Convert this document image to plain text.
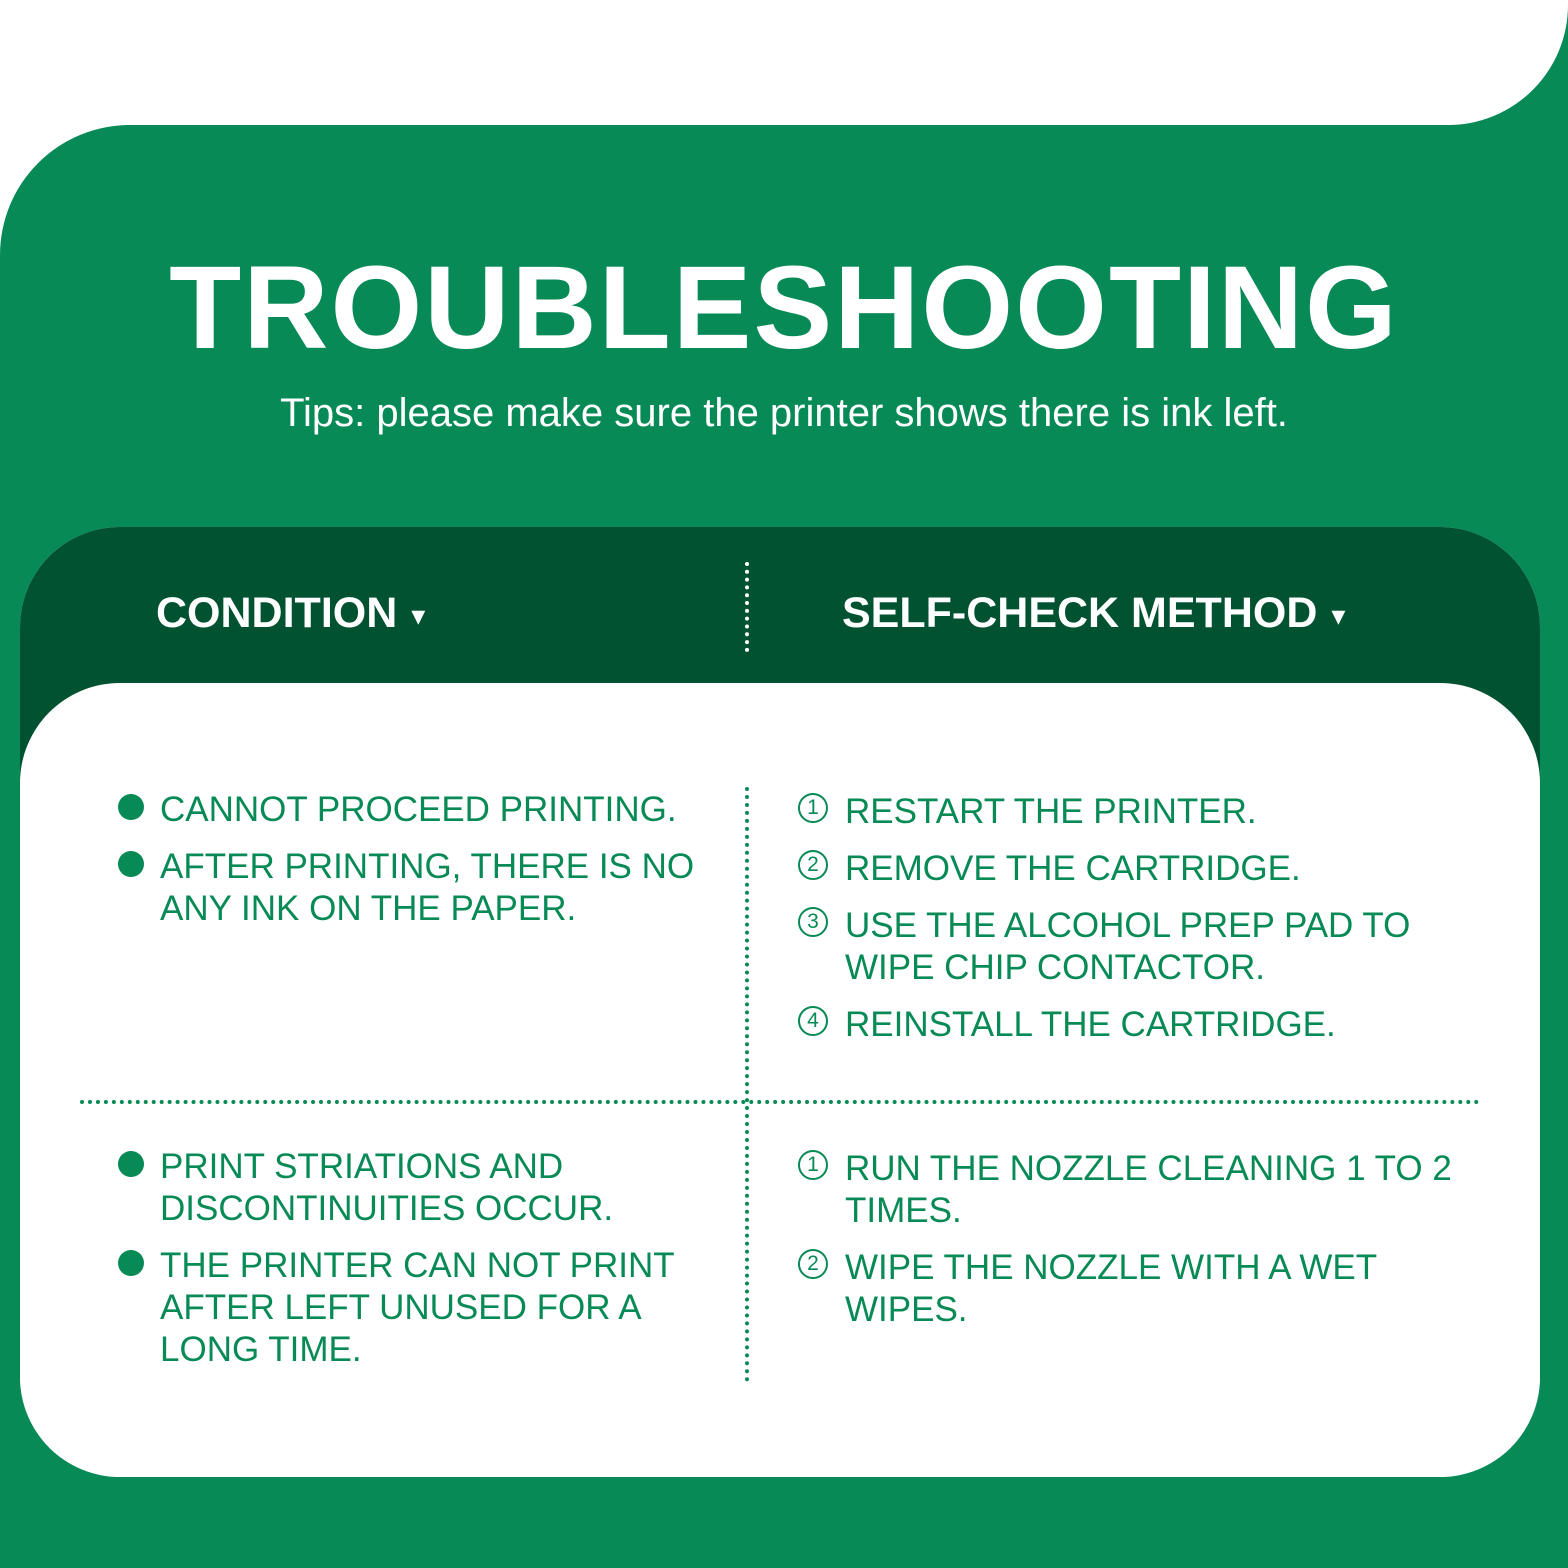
TROUBLESHOOTING
Tips: please make sure the printer shows there is ink left.
CONDITION ▾	SELF-CHECK METHOD ▾
CANNOT PROCEED PRINTING.
AFTER PRINTING, THERE IS NO ANY INK ON THE PAPER.
1 RESTART THE PRINTER.
2 REMOVE THE CARTRIDGE.
3 USE THE ALCOHOL PREP PAD TO WIPE CHIP CONTACTOR.
4 REINSTALL THE CARTRIDGE.
PRINT STRIATIONS AND DISCONTINUITIES OCCUR.
THE PRINTER CAN NOT PRINT AFTER LEFT UNUSED FOR A LONG TIME.
1 RUN THE NOZZLE CLEANING 1 TO 2 TIMES.
2 WIPE THE NOZZLE WITH A WET WIPES.
